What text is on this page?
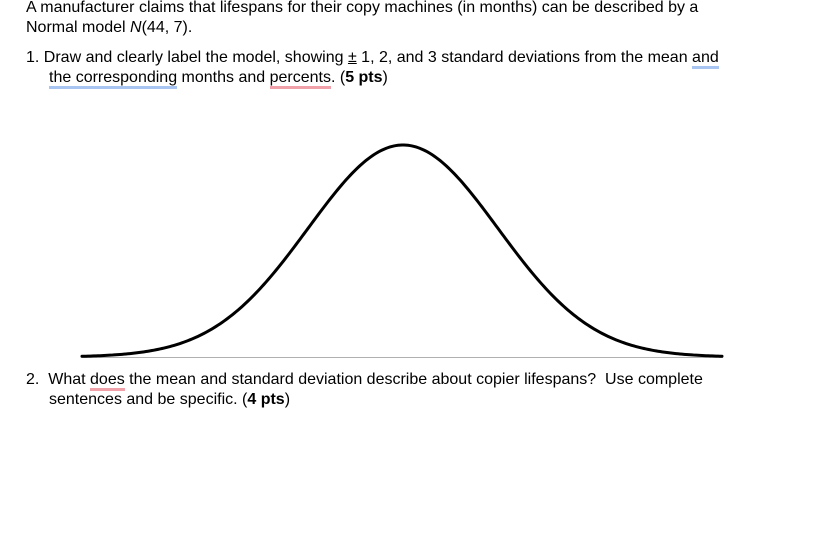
A manufacturer claims that lifespans for their copy machines (in months) can be described by a
Normal model N(44, 7).
1. Draw and clearly label the model, showing ± 1, 2, and 3 standard deviations from the mean and
the corresponding months and percents. (5 pts)
2.  What does the mean and standard deviation describe about copier lifespans?  Use complete
sentences and be specific. (4 pts)
